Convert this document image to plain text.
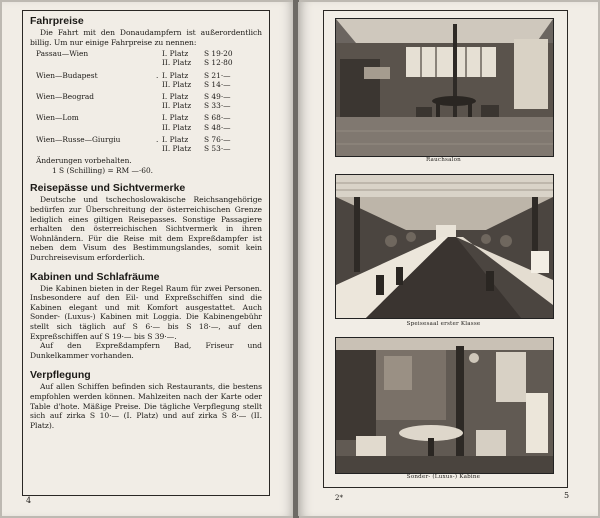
Fahrpreise

Die Fahrt mit den Donaudampfern ist außerordentlich billig. Um nur einige Fahrpreise zu nennen:

Passau—Wien	I. Platz	S 19·20
II. Platz	S 12·80
Wien—Budapest	. I. Platz	S 21·—
II. Platz	S 14·—
Wien—Beograd	I. Platz	S 49·—
II. Platz	S 33·—
Wien—Lom	I. Platz	S 68·—
II. Platz	S 48·—
Wien—Russe—Giurgiu	. I. Platz	S 76·—
II. Platz	S 53·—
Änderungen vorbehalten.
1 S (Schilling) = RM —·60.
Reisepässe und Sichtvermerke

Deutsche und tschechoslowakische Reichsangehörige bedürfen zur Überschreitung der österreichischen Grenze lediglich eines giltigen Reisepasses. Sonstige Passagiere erhalten den österreichischen Sichtvermerk in ihren Wohnländern. Für die Reise mit dem Expreßdampfer ist neben dem Visum des Bestimmungslandes, somit kein Durchreisevisum erforderlich.

Kabinen und Schlafräume

Die Kabinen bieten in der Regel Raum für zwei Personen. Insbesondere auf den Eil- und Expreßschiffen sind die Kabinen elegant und mit Komfort ausgestattet. Auch Sonder- (Luxus-) Kabinen mit Loggia. Die Kabinengebühr stellt sich täglich auf S 6·— bis S 18·—, auf den Expreßschiffen auf S 19·— bis S 39·—.

Auf den Expreßdampfern Bad, Friseur und Dunkelkammer vorhanden.

Verpflegung

Auf allen Schiffen befinden sich Restaurants, die bestens empfohlen werden können. Mahlzeiten nach der Karte oder Table d'hote. Mäßige Preise. Die tägliche Verpflegung stellt sich auf zirka S 10·— (I. Platz) und auf zirka S 8·— (II. Platz).

4
Rauchsalon
Speisesaal erster Klasse
Sonder- (Luxus-) Kabine
2*	5
